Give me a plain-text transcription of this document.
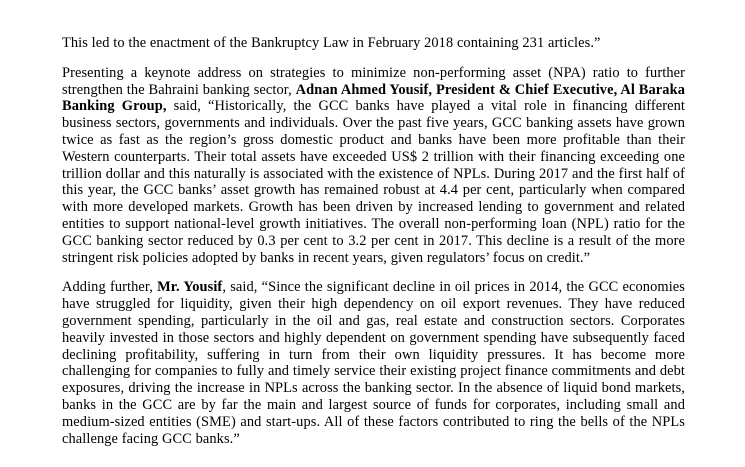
This led to the enactment of the Bankruptcy Law in February 2018 containing 231 articles.”

Presenting a keynote address on strategies to minimize non-performing asset (NPA) ratio to further strengthen the Bahraini banking sector, Adnan Ahmed Yousif, President & Chief Executive, Al Baraka Banking Group, said, “Historically, the GCC banks have played a vital role in financing different business sectors, governments and individuals. Over the past five years, GCC banking assets have grown twice as fast as the region’s gross domestic product and banks have been more profitable than their Western counterparts. Their total assets have exceeded US$ 2 trillion with their financing exceeding one trillion dollar and this naturally is associated with the existence of NPLs. During 2017 and the first half of this year, the GCC banks’ asset growth has remained robust at 4.4 per cent, particularly when compared with more developed markets. Growth has been driven by increased lending to government and related entities to support national-level growth initiatives. The overall non-performing loan (NPL) ratio for the GCC banking sector reduced by 0.3 per cent to 3.2 per cent in 2017. This decline is a result of the more stringent risk policies adopted by banks in recent years, given regulators’ focus on credit.”

Adding further, Mr. Yousif, said, “Since the significant decline in oil prices in 2014, the GCC economies have struggled for liquidity, given their high dependency on oil export revenues. They have reduced government spending, particularly in the oil and gas, real estate and construction sectors. Corporates heavily invested in those sectors and highly dependent on government spending have subsequently faced declining profitability, suffering in turn from their own liquidity pressures. It has become more challenging for companies to fully and timely service their existing project finance commitments and debt exposures, driving the increase in NPLs across the banking sector. In the absence of liquid bond markets, banks in the GCC are by far the main and largest source of funds for corporates, including small and medium-sized entities (SME) and start-ups. All of these factors contributed to ring the bells of the NPLs challenge facing GCC banks.”
